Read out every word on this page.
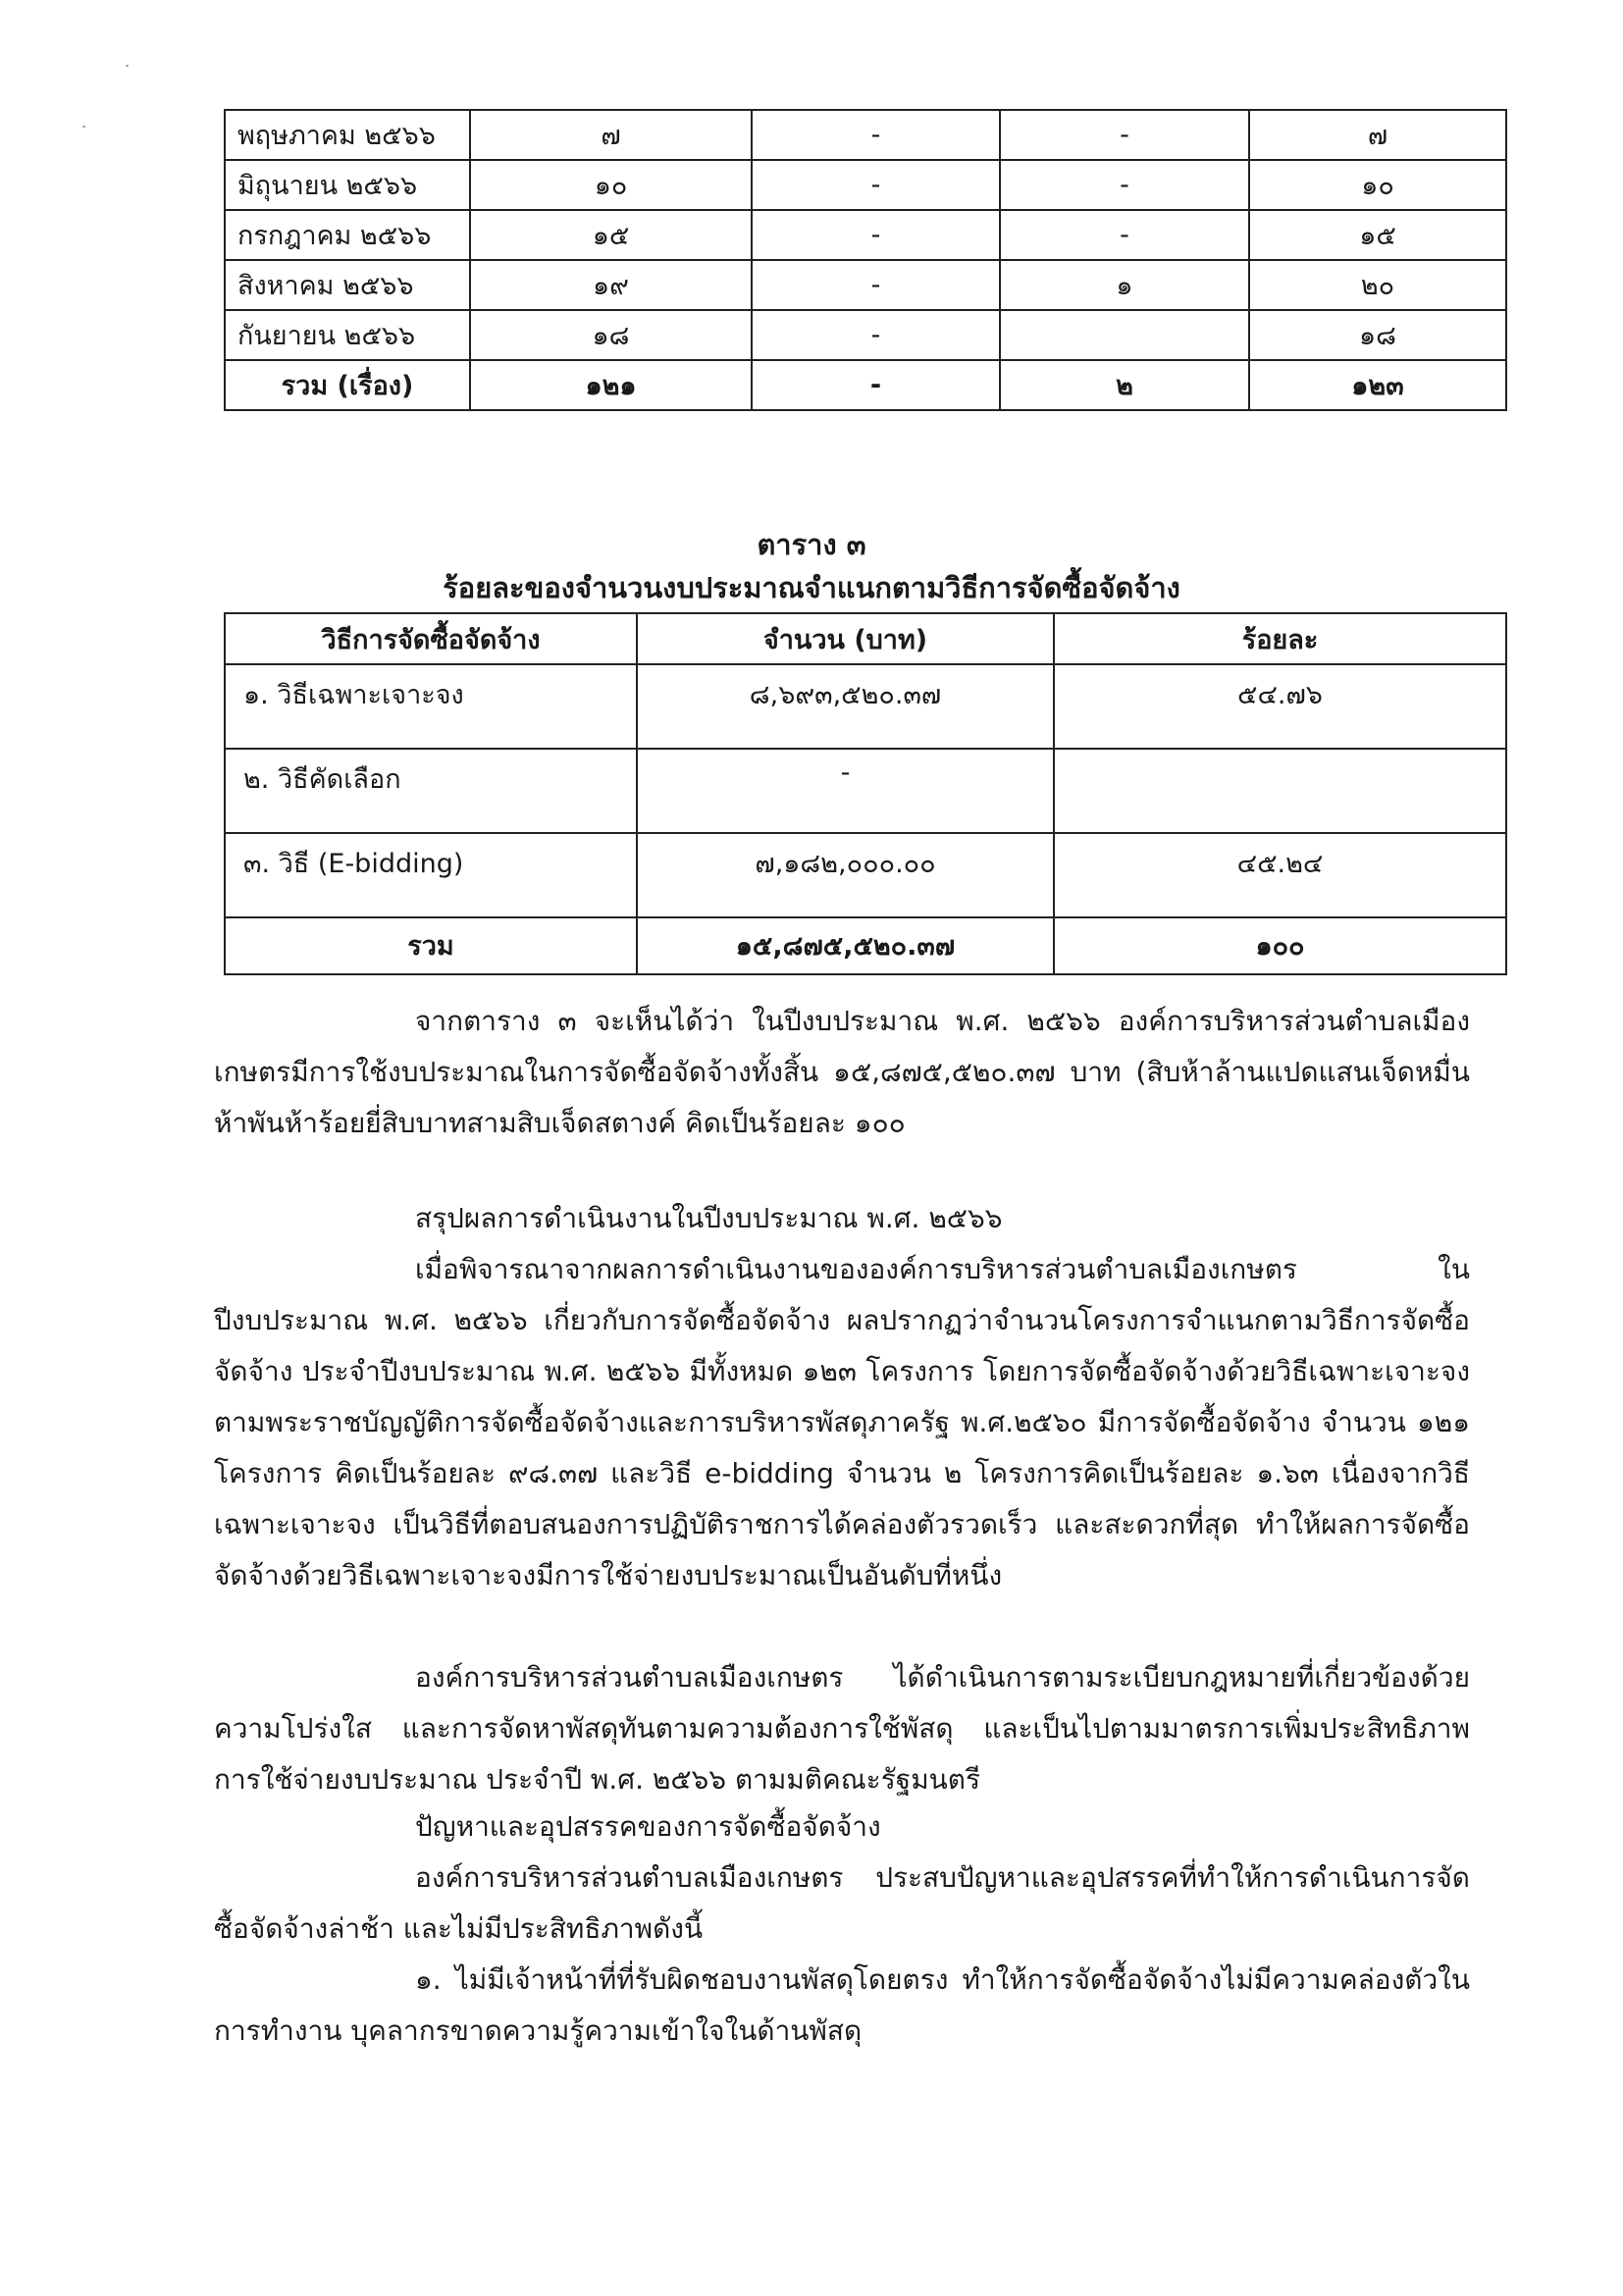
พฤษภาคม ๒๕๖๖	๗	-	-	๗
มิถุนายน ๒๕๖๖	๑๐	-	-	๑๐
กรกฎาคม ๒๕๖๖	๑๕	-	-	๑๕
สิงหาคม ๒๕๖๖	๑๙	-	๑	๒๐
กันยายน ๒๕๖๖	๑๘	-		๑๘
รวม (เรื่อง)	๑๒๑	-	๒	๑๒๓
ตาราง ๓
ร้อยละของจำนวนงบประมาณจำแนกตามวิธีการจัดซื้อจัดจ้าง
วิธีการจัดซื้อจัดจ้าง	จำนวน (บาท)	ร้อยละ
๑. วิธีเฉพาะเจาะจง	๘,๖๙๓,๕๒๐.๓๗	๕๔.๗๖
๒. วิธีคัดเลือก	-	
๓. วิธี (E-bidding)	๗,๑๘๒,๐๐๐.๐๐	๔๕.๒๔
รวม	๑๕,๘๗๕,๕๒๐.๓๗	๑๐๐

จากตาราง ๓ จะเห็นได้ว่า ในปีงบประมาณ พ.ศ. ๒๕๖๖ องค์การบริหารส่วนตำบลเมืองเกษตรมีการใช้งบประมาณในการจัดซื้อจัดจ้างทั้งสิ้น ๑๕,๘๗๕,๕๒๐.๓๗ บาท (สิบห้าล้านแปดแสนเจ็ดหมื่นห้าพันห้าร้อยยี่สิบบาทสามสิบเจ็ดสตางค์ คิดเป็นร้อยละ ๑๐๐

สรุปผลการดำเนินงานในปีงบประมาณ พ.ศ. ๒๕๖๖

เมื่อพิจารณาจากผลการดำเนินงานขององค์การบริหารส่วนตำบลเมืองเกษตร ในปีงบประมาณ พ.ศ. ๒๕๖๖ เกี่ยวกับการจัดซื้อจัดจ้าง ผลปรากฏว่าจำนวนโครงการจำแนกตามวิธีการจัดซื้อจัดจ้าง ประจำปีงบประมาณ พ.ศ. ๒๕๖๖ มีทั้งหมด ๑๒๓ โครงการ โดยการจัดซื้อจัดจ้างด้วยวิธีเฉพาะเจาะจง ตามพระราชบัญญัติการจัดซื้อจัดจ้างและการบริหารพัสดุภาครัฐ พ.ศ.๒๕๖๐ มีการจัดซื้อจัดจ้าง จำนวน ๑๒๑ โครงการ คิดเป็นร้อยละ ๙๘.๓๗ และวิธี e-bidding จำนวน ๒ โครงการคิดเป็นร้อยละ ๑.๖๓ เนื่องจากวิธีเฉพาะเจาะจง เป็นวิธีที่ตอบสนองการปฏิบัติราชการได้คล่องตัวรวดเร็ว และสะดวกที่สุด ทำให้ผลการจัดซื้อจัดจ้างด้วยวิธีเฉพาะเจาะจงมีการใช้จ่ายงบประมาณเป็นอันดับที่หนึ่ง

องค์การบริหารส่วนตำบลเมืองเกษตร ได้ดำเนินการตามระเบียบกฎหมายที่เกี่ยวข้องด้วยความโปร่งใส และการจัดหาพัสดุทันตามความต้องการใช้พัสดุ และเป็นไปตามมาตรการเพิ่มประสิทธิภาพการใช้จ่ายงบประมาณ ประจำปี พ.ศ. ๒๕๖๖ ตามมติคณะรัฐมนตรี

ปัญหาและอุปสรรคของการจัดซื้อจัดจ้าง

องค์การบริหารส่วนตำบลเมืองเกษตร ประสบปัญหาและอุปสรรคที่ทำให้การดำเนินการจัดซื้อจัดจ้างล่าช้า และไม่มีประสิทธิภาพดังนี้

๑. ไม่มีเจ้าหน้าที่ที่รับผิดชอบงานพัสดุโดยตรง ทำให้การจัดซื้อจัดจ้างไม่มีความคล่องตัวในการทำงาน บุคลากรขาดความรู้ความเข้าใจในด้านพัสดุ
